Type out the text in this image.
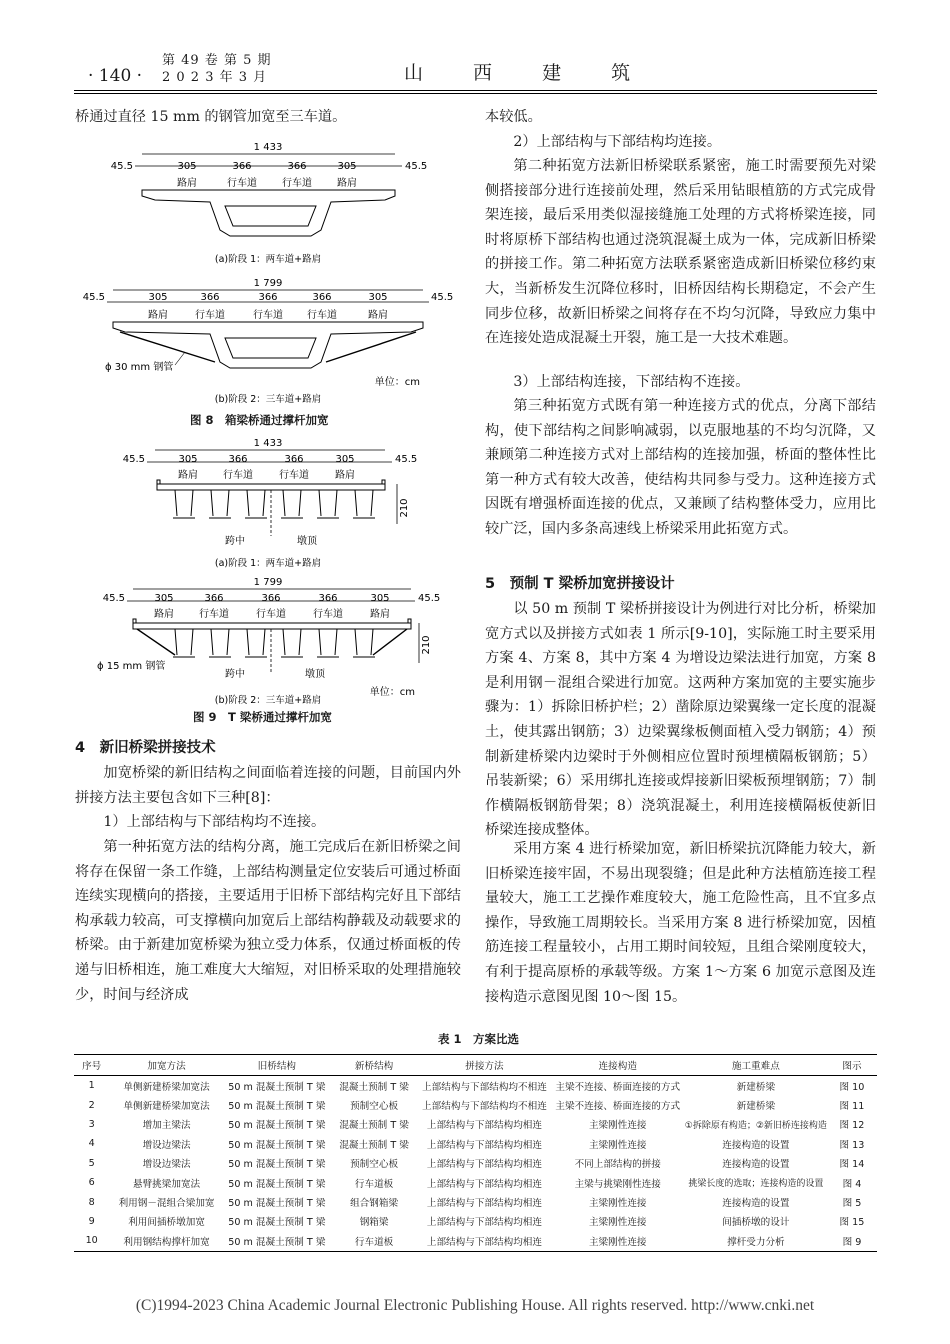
· 140 ·
第 49 卷 第 5 期
2 0 2 3 年 3 月	山 西 建 筑

桥通过直径 15 mm 的钢管加宽至三车道。

1 433
45.5	45.5
305	366	366	305
路肩	行车道	行车道	路肩
(a)阶段 1：两车道+路肩
1 799
45.5	45.5
305	366	366	366	305
路肩	行车道	行车道 行车道	路肩
ϕ 30 mm 钢管
单位：cm
(b)阶段 2：三车道+路肩
图 8　箱梁桥通过撑杆加宽
1 433
45.5	45.5
305	366	366	305
路肩	行车道	行车道	路肩
210
跨中	墩顶
(a)阶段 1：两车道+路肩
1 799
45.5	45.5
305	366	366	366	305
路肩	行车道	行车道	行车道	路肩
210
ϕ 15 mm 钢管
跨中	墩顶
单位：cm
(b)阶段 2：三车道+路肩
图 9　T 梁桥通过撑杆加宽
4　新旧桥梁拼接技术

加宽桥梁的新旧结构之间面临着连接的问题，目前国内外拼接方法主要包含如下三种[8]：

1）上部结构与下部结构均不连接。

第一种拓宽方法的结构分离，施工完成后在新旧桥梁之间将存在保留一条工作缝，上部结构测量定位安装后可通过桥面连续实现横向的搭接，主要适用于旧桥下部结构完好且下部结构承载力较高，可支撑横向加宽后上部结构静载及动载要求的桥梁。由于新建加宽桥梁为独立受力体系，仅通过桥面板的传递与旧桥相连，施工难度大大缩短，对旧桥采取的处理措施较少，时间与经济成

本较低。

2）上部结构与下部结构均连接。

第二种拓宽方法新旧桥梁联系紧密，施工时需要预先对梁侧搭接部分进行连接前处理，然后采用钻眼植筋的方式完成骨架连接，最后采用类似湿接缝施工处理的方式将桥梁连接，同时将原桥下部结构也通过浇筑混凝土成为一体，完成新旧桥梁的拼接工作。第二种拓宽方法联系紧密造成新旧桥梁位移约束大，当新桥发生沉降位移时，旧桥因结构长期稳定，不会产生同步位移，故新旧桥梁之间将存在不均匀沉降，导致应力集中在连接处造成混凝土开裂，施工是一大技术难题。

3）上部结构连接，下部结构不连接。

第三种拓宽方式既有第一种连接方式的优点，分离下部结构，使下部结构之间影响减弱，以克服地基的不均匀沉降，又兼顾第二种连接方式对上部结构的连接加强，桥面的整体性比第一种方式有较大改善，使结构共同参与受力。这种连接方式因既有增强桥面连接的优点，又兼顾了结构整体受力，应用比较广泛，国内多条高速线上桥梁采用此拓宽方式。

5　预制 T 梁桥加宽拼接设计

以 50 m 预制 T 梁桥拼接设计为例进行对比分析，桥梁加宽方式以及拼接方式如表 1 所示[9-10]，实际施工时主要采用方案 4、方案 8，其中方案 4 为增设边梁法进行加宽，方案 8 是利用钢－混组合梁进行加宽。这两种方案加宽的主要实施步骤为：1）拆除旧桥护栏；2）凿除原边梁翼缘一定长度的混凝土，使其露出钢筋；3）边梁翼缘板侧面植入受力钢筋；4）预制新建桥梁内边梁时于外侧相应位置时预埋横隔板钢筋；5）吊装新梁；6）采用绑扎连接或焊接新旧梁板预埋钢筋；7）制作横隔板钢筋骨架；8）浇筑混凝土，利用连接横隔板使新旧桥梁连接成整体。

采用方案 4 进行桥梁加宽，新旧桥梁抗沉降能力较大，新旧桥梁连接牢固，不易出现裂缝；但是此种方法植筋连接工程量较大，施工工艺操作难度较大，施工危险性高，且不宜多点操作，导致施工周期较长。当采用方案 8 进行桥梁加宽，因植筋连接工程量较小，占用工期时间较短，且组合梁刚度较大，有利于提高原桥的承载等级。方案 1～方案 6 加宽示意图及连接构造示意图见图 10～图 15。

表 1　方案比选
序号	加宽方法	旧桥结构	新桥结构	拼接方法	连接构造	施工重难点	图示
1	单侧新建桥梁加宽法	50 m 混凝土预制 T 梁	混凝土预制 T 梁	上部结构与下部结构均不相连	主梁不连接、桥面连接的方式	新建桥梁	图 10
2	单侧新建桥梁加宽法	50 m 混凝土预制 T 梁	预制空心板	上部结构与下部结构均不相连	主梁不连接、桥面连接的方式	新建桥梁	图 11
3	增加主梁法	50 m 混凝土预制 T 梁	混凝土预制 T 梁	上部结构与下部结构均相连	主梁刚性连接	①拆除原有构造；②新旧桥连接构造	图 12
4	增设边梁法	50 m 混凝土预制 T 梁	混凝土预制 T 梁	上部结构与下部结构均相连	主梁刚性连接	连接构造的设置	图 13
5	增设边梁法	50 m 混凝土预制 T 梁	预制空心板	上部结构与下部结构均相连	不同上部结构的拼接	连接构造的设置	图 14
6	悬臂挑梁加宽法	50 m 混凝土预制 T 梁	行车道板	上部结构与下部结构均相连	主梁与挑梁刚性连接	挑梁长度的选取；连接构造的设置	图 4
8	利用钢－混组合梁加宽	50 m 混凝土预制 T 梁	组合钢箱梁	上部结构与下部结构均相连	主梁刚性连接	连接构造的设置	图 5
9	利用间插桥墩加宽	50 m 混凝土预制 T 梁	钢箱梁	上部结构与下部结构均相连	主梁刚性连接	间插桥墩的设计	图 15
10	利用钢结构撑杆加宽	50 m 混凝土预制 T 梁	行车道板	上部结构与下部结构均相连	主梁刚性连接	撑杆受力分析	图 9
(C)1994-2023 China Academic Journal Electronic Publishing House. All rights reserved. http://www.cnki.net
